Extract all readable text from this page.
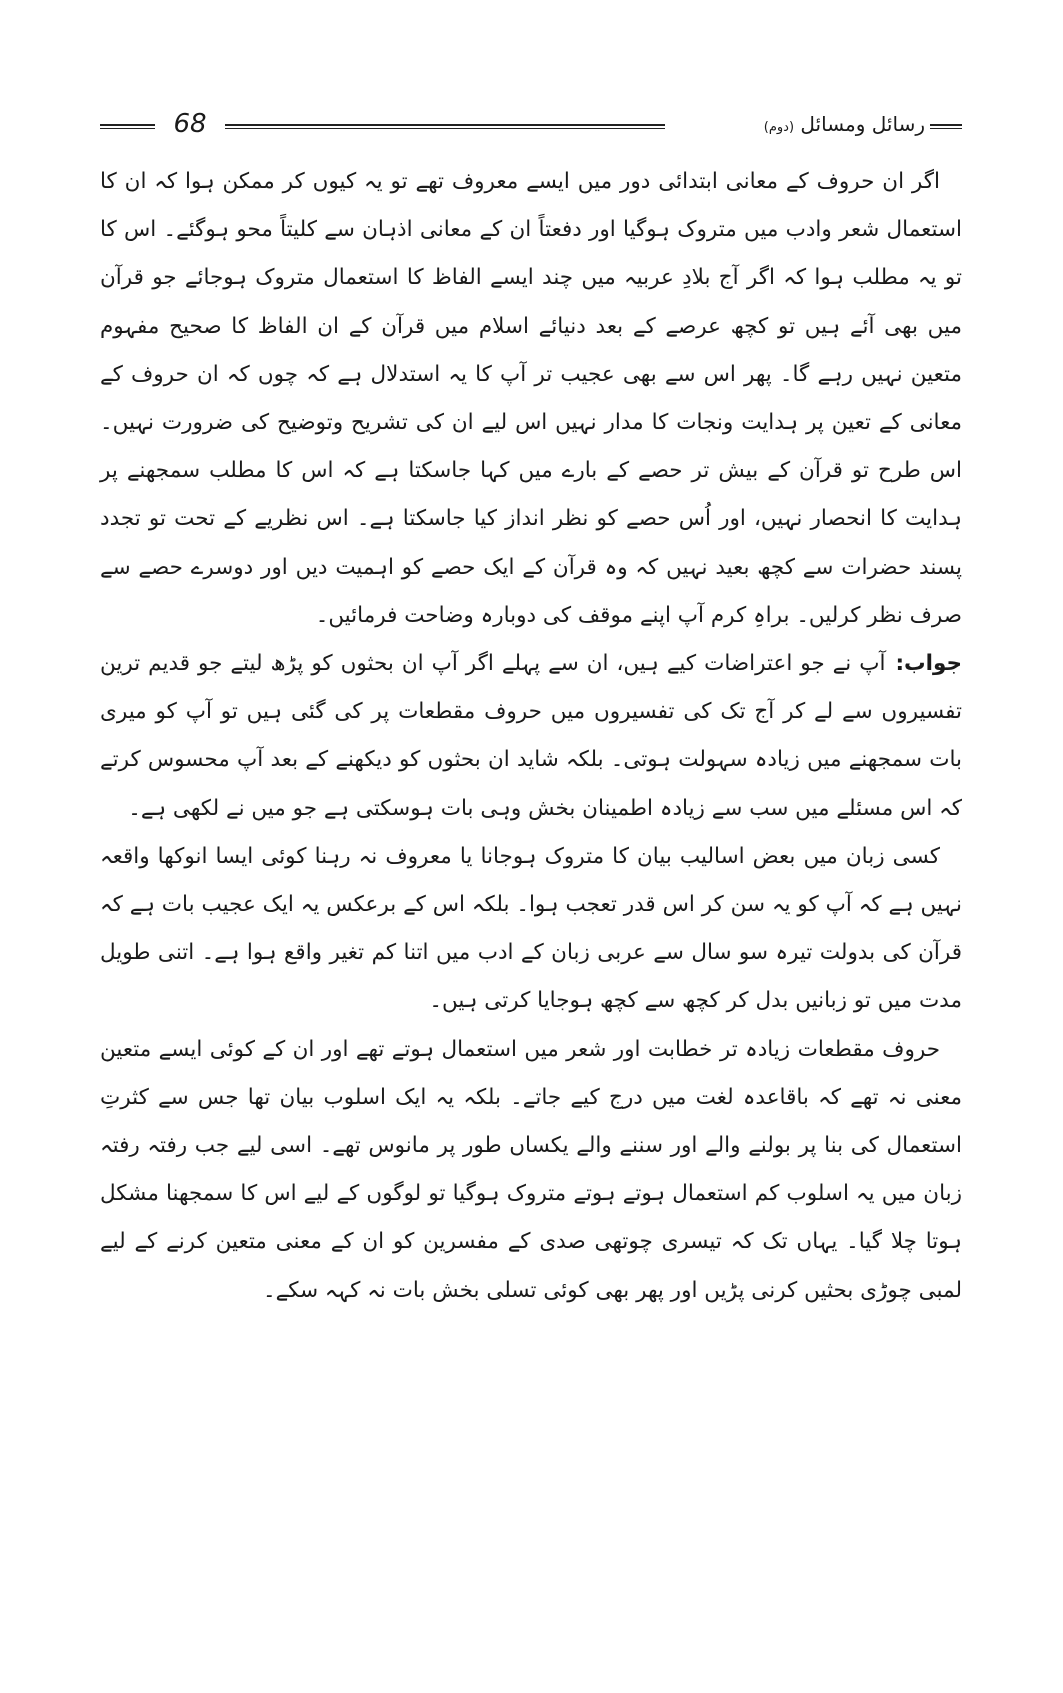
68	رسائل ومسائل (دوم)

اگر ان حروف کے معانی ابتدائی دور میں ایسے معروف تھے تو یہ کیوں کر ممکن ہوا کہ ان کا استعمال شعر وادب میں متروک ہوگیا اور دفعتاً ان کے معانی اذہان سے کلیتاً محو ہوگئے۔ اس کا تو یہ مطلب ہوا کہ اگر آج بلادِ عربیہ میں چند ایسے الفاظ کا استعمال متروک ہوجائے جو قرآن میں بھی آئے ہیں تو کچھ عرصے کے بعد دنیائے اسلام میں قرآن کے ان الفاظ کا صحیح مفہوم متعین نہیں رہے گا۔ پھر اس سے بھی عجیب تر آپ کا یہ استدلال ہے کہ چوں کہ ان حروف کے معانی کے تعین پر ہدایت ونجات کا مدار نہیں اس لیے ان کی تشریح وتوضیح کی ضرورت نہیں۔ اس طرح تو قرآن کے بیش تر حصے کے بارے میں کہا جاسکتا ہے کہ اس کا مطلب سمجھنے پر ہدایت کا انحصار نہیں، اور اُس حصے کو نظر انداز کیا جاسکتا ہے۔ اس نظریے کے تحت تو تجدد پسند حضرات سے کچھ بعید نہیں کہ وہ قرآن کے ایک حصے کو اہمیت دیں اور دوسرے حصے سے صرف نظر کرلیں۔ براہِ کرم آپ اپنے موقف کی دوبارہ وضاحت فرمائیں۔

جواب:آپ نے جو اعتراضات کیے ہیں، ان سے پہلے اگر آپ ان بحثوں کو پڑھ لیتے جو قدیم ترین تفسیروں سے لے کر آج تک کی تفسیروں میں حروف مقطعات پر کی گئی ہیں تو آپ کو میری بات سمجھنے میں زیادہ سہولت ہوتی۔ بلکہ شاید ان بحثوں کو دیکھنے کے بعد آپ محسوس کرتے کہ اس مسئلے میں سب سے زیادہ اطمینان بخش وہی بات ہوسکتی ہے جو میں نے لکھی ہے۔

کسی زبان میں بعض اسالیب بیان کا متروک ہوجانا یا معروف نہ رہنا کوئی ایسا انوکھا واقعہ نہیں ہے کہ آپ کو یہ سن کر اس قدر تعجب ہوا۔ بلکہ اس کے برعکس یہ ایک عجیب بات ہے کہ قرآن کی بدولت تیرہ سو سال سے عربی زبان کے ادب میں اتنا کم تغیر واقع ہوا ہے۔ اتنی طویل مدت میں تو زبانیں بدل کر کچھ سے کچھ ہوجایا کرتی ہیں۔

حروف مقطعات زیادہ تر خطابت اور شعر میں استعمال ہوتے تھے اور ان کے کوئی ایسے متعین معنی نہ تھے کہ باقاعدہ لغت میں درج کیے جاتے۔ بلکہ یہ ایک اسلوب بیان تھا جس سے کثرتِ استعمال کی بنا پر بولنے والے اور سننے والے یکساں طور پر مانوس تھے۔ اسی لیے جب رفتہ رفتہ زبان میں یہ اسلوب کم استعمال ہوتے ہوتے متروک ہوگیا تو لوگوں کے لیے اس کا سمجھنا مشکل ہوتا چلا گیا۔ یہاں تک کہ تیسری چوتھی صدی کے مفسرین کو ان کے معنی متعین کرنے کے لیے لمبی چوڑی بحثیں کرنی پڑیں اور پھر بھی کوئی تسلی بخش بات نہ کہہ سکے۔
